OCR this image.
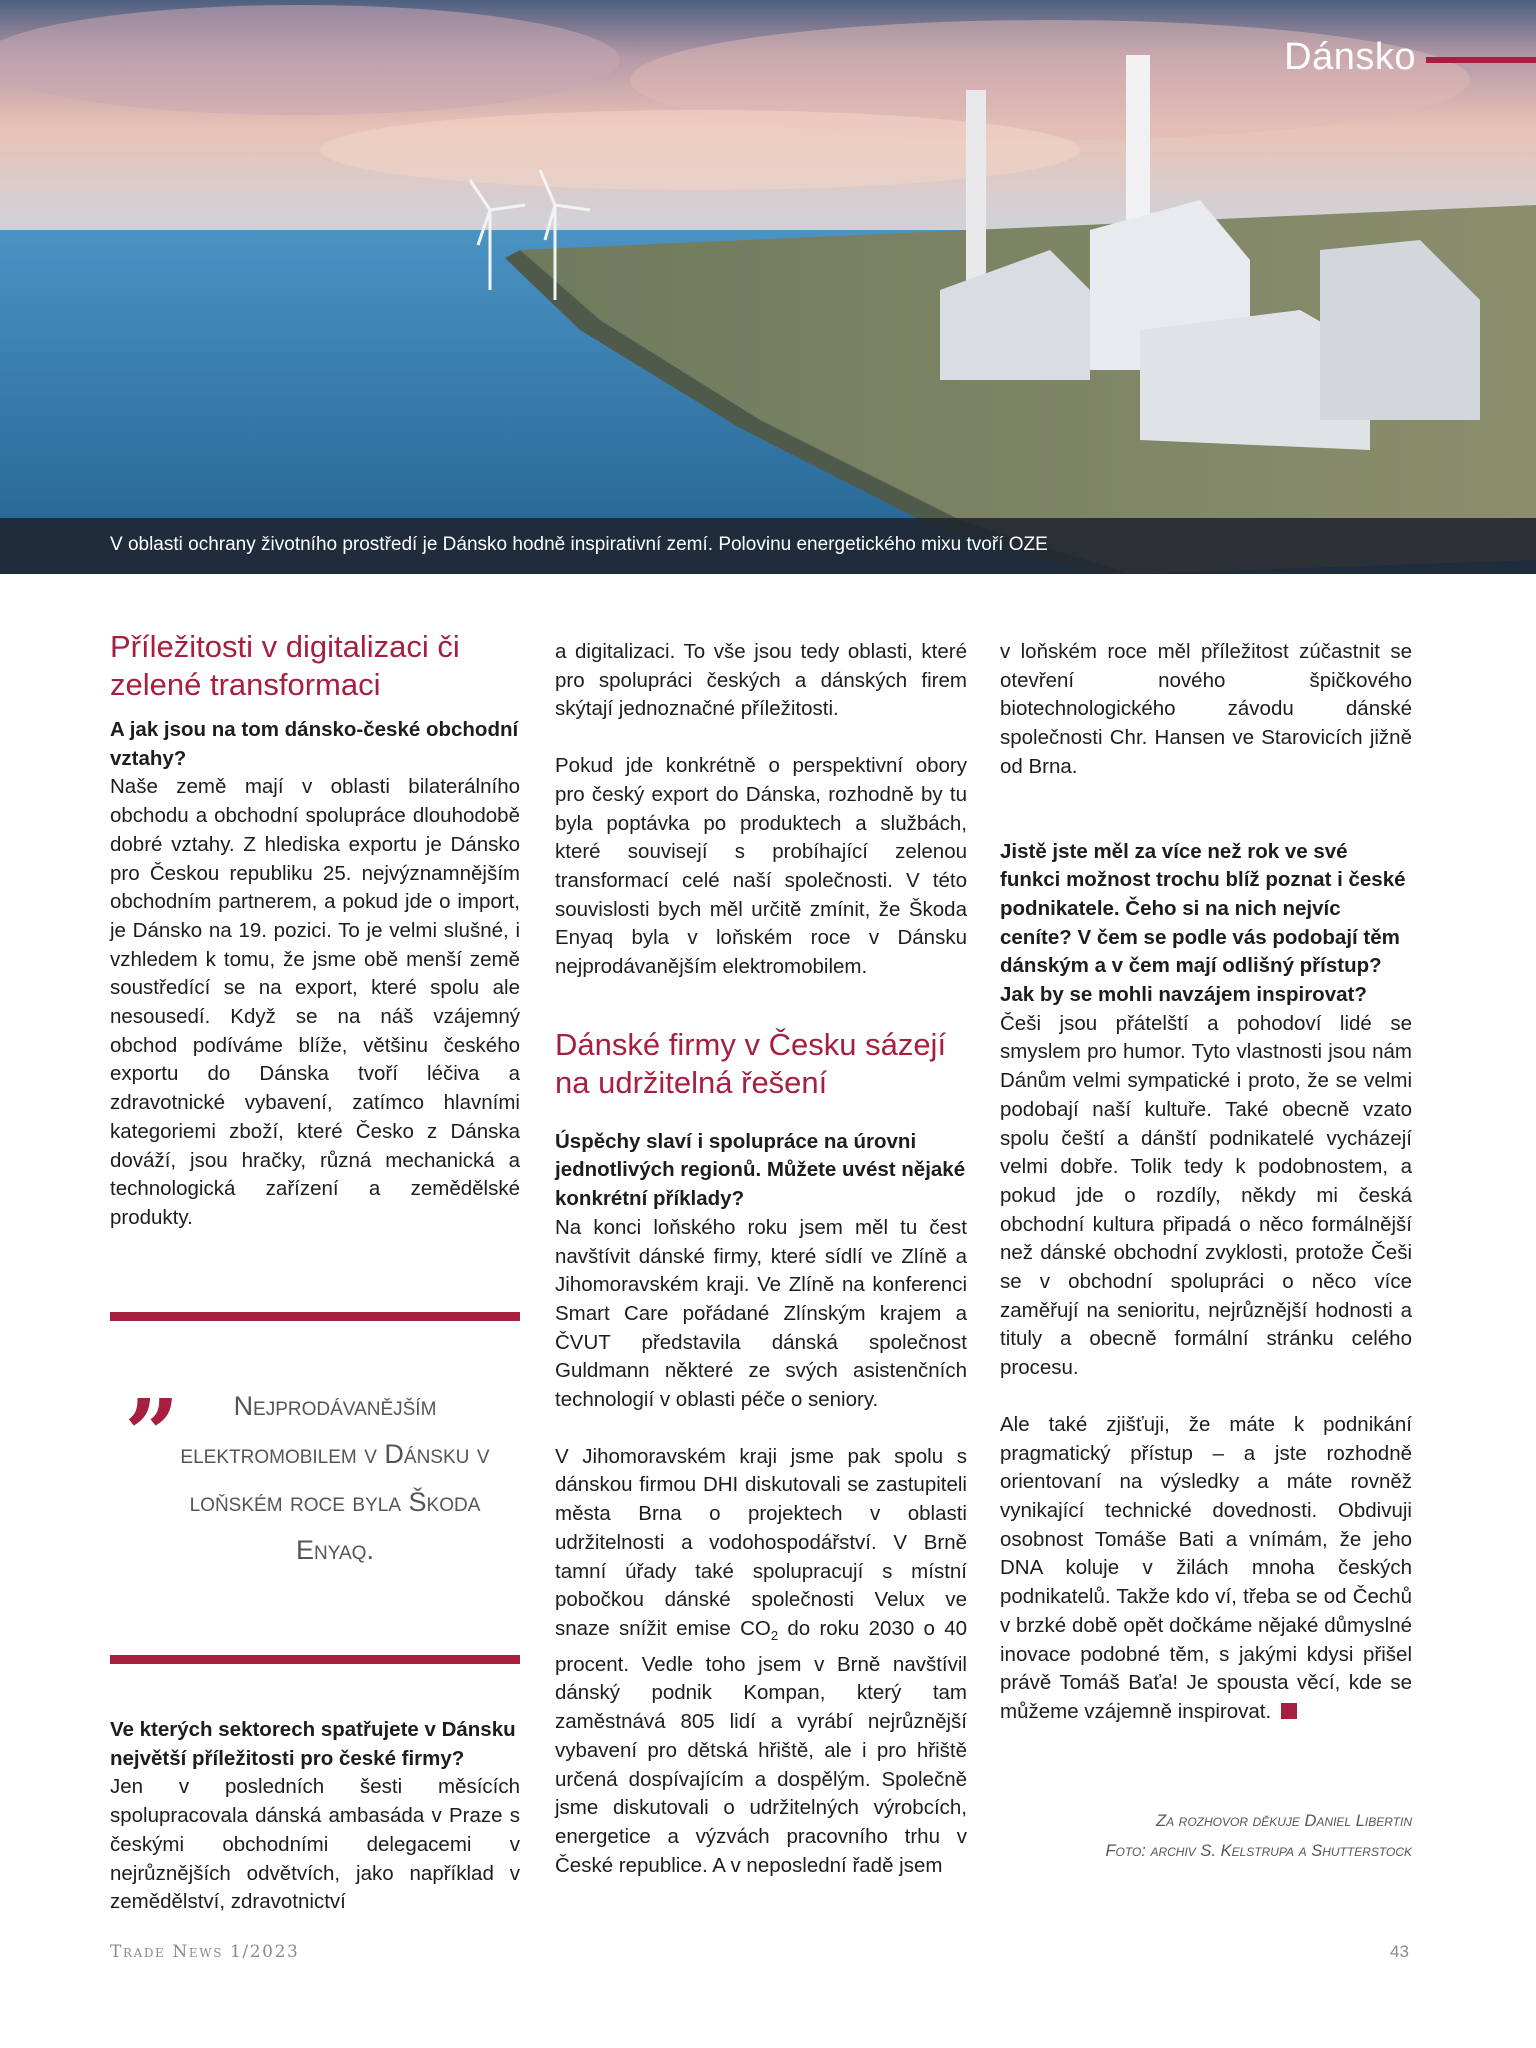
Dánsko
V oblasti ochrany životního prostředí je Dánsko hodně inspirativní zemí. Polovinu energetického mixu tvoří OZE
Příležitosti v digitalizaci či zelené transformaci

A jak jsou na tom dánsko-české obchodní vztahy?

Naše země mají v oblasti bilaterálního obchodu a obchodní spolupráce dlouhodobě dobré vztahy. Z hlediska exportu je Dánsko pro Českou republiku 25. nejvýznamnějším obchodním partnerem, a pokud jde o import, je Dánsko na 19. pozici. To je velmi slušné, i vzhledem k tomu, že jsme obě menší země soustředící se na export, které spolu ale nesousedí. Když se na náš vzájemný obchod podíváme blíže, většinu českého exportu do Dánska tvoří léčiva a zdravotnické vybavení, zatímco hlavními kategoriemi zboží, které Česko z Dánska dováží, jsou hračky, různá mechanická a technologická zařízení a zemědělské produkty.

„	Nejprodávanějším elektromobilem v Dánsku v loňském roce byla Škoda Enyaq.

Ve kterých sektorech spatřujete v Dánsku největší příležitosti pro české firmy?

Jen v posledních šesti měsících spolupracovala dánská ambasáda v Praze s českými obchodními delegacemi v nejrůznějších odvětvích, jako například v zemědělství, zdravotnictví

a digitalizaci. To vše jsou tedy oblasti, které pro spolupráci českých a dánských firem skýtají jednoznačné příležitosti.

Pokud jde konkrétně o perspektivní obory pro český export do Dánska, rozhodně by tu byla poptávka po produktech a službách, které souvisejí s probíhající zelenou transformací celé naší společnosti. V této souvislosti bych měl určitě zmínit, že Škoda Enyaq byla v loňském roce v Dánsku nejprodávanějším elektromobilem.

Dánské firmy v Česku sázejí na udržitelná řešení

Úspěchy slaví i spolupráce na úrovni jednotlivých regionů. Můžete uvést nějaké konkrétní příklady?

Na konci loňského roku jsem měl tu čest navštívit dánské firmy, které sídlí ve Zlíně a Jihomoravském kraji. Ve Zlíně na konferenci Smart Care pořádané Zlínským krajem a ČVUT představila dánská společnost Guldmann některé ze svých asistenčních technologií v oblasti péče o seniory.

V Jihomoravském kraji jsme pak spolu s dánskou firmou DHI diskutovali se zastupiteli města Brna o projektech v oblasti udržitelnosti a vodohospodářství. V Brně tamní úřady také spolupracují s místní pobočkou dánské společnosti Velux ve snaze snížit emise $CO_2$ do roku 2030 o 40 procent. Vedle toho jsem v Brně navštívil dánský podnik Kompan, který tam zaměstnává 805 lidí a vyrábí nejrůznější vybavení pro dětská hřiště, ale i pro hřiště určená dospívajícím a dospělým. Společně jsme diskutovali o udržitelných výrobcích, energetice a výzvách pracovního trhu v České republice. A v neposlední řadě jsem

v loňském roce měl příležitost zúčastnit se otevření nového špičkového biotechnologického závodu dánské společnosti Chr. Hansen ve Starovicích jižně od Brna.

Jistě jste měl za více než rok ve své funkci možnost trochu blíž poznat i české podnikatele. Čeho si na nich nejvíc ceníte? V čem se podle vás podobají těm dánským a v čem mají odlišný přístup? Jak by se mohli navzájem inspirovat?

Češi jsou přátelští a pohodoví lidé se smyslem pro humor. Tyto vlastnosti jsou nám Dánům velmi sympatické i proto, že se velmi podobají naší kultuře. Také obecně vzato spolu čeští a dánští podnikatelé vycházejí velmi dobře. Tolik tedy k podobnostem, a pokud jde o rozdíly, někdy mi česká obchodní kultura připadá o něco formálnější než dánské obchodní zvyklosti, protože Češi se v obchodní spolupráci o něco více zaměřují na senioritu, nejrůznější hodnosti a tituly a obecně formální stránku celého procesu.

Ale také zjišťuji, že máte k podnikání pragmatický přístup – a jste rozhodně orientovaní na výsledky a máte rovněž vynikající technické dovednosti. Obdivuji osobnost Tomáše Bati a vnímám, že jeho DNA koluje v žilách mnoha českých podnikatelů. Takže kdo ví, třeba se od Čechů v brzké době opět dočkáme nějaké důmyslné inovace podobné těm, s jakými kdysi přišel právě Tomáš Baťa! Je spousta věcí, kde se můžeme vzájemně inspirovat.

Za rozhovor děkuje Daniel Libertin
Foto: archiv S. Kelstrupa a Shutterstock
Trade News 1/2023	43
